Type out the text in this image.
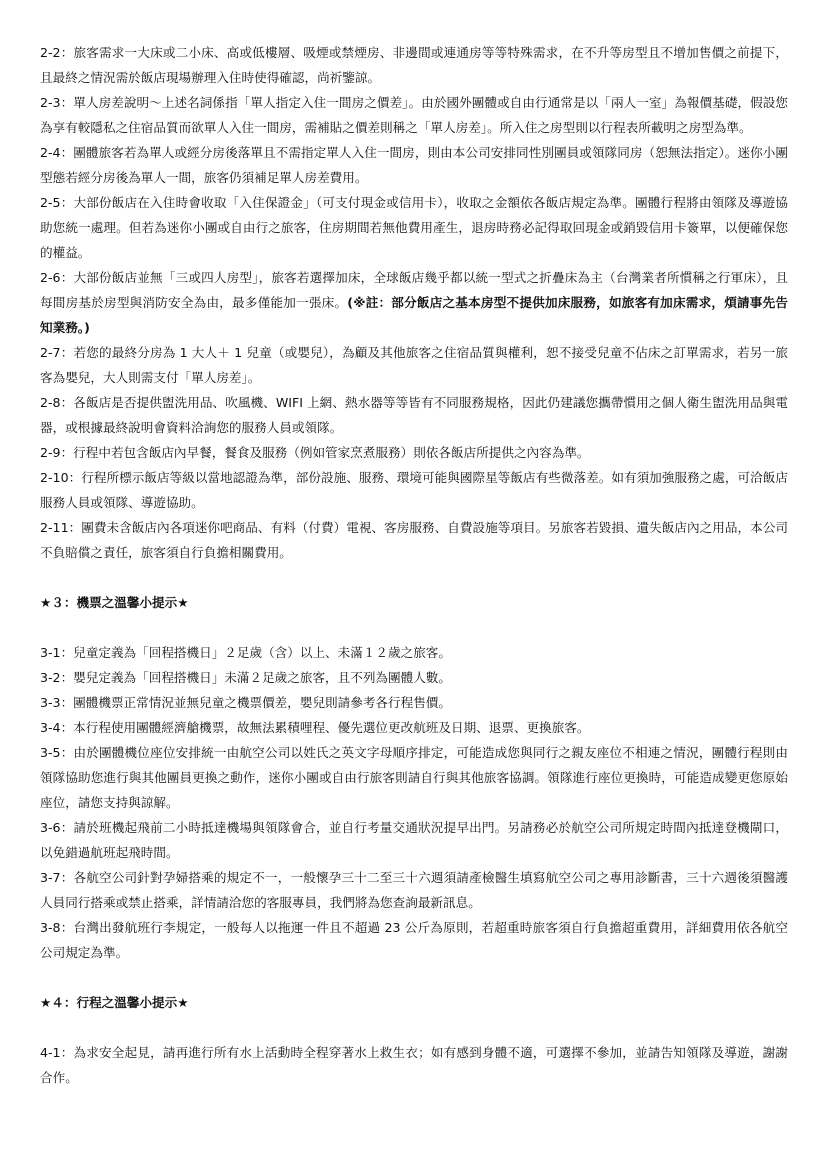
2-2：旅客需求一大床或二小床、高或低樓層、吸煙或禁煙房、非邊間或連通房等等特殊需求，在不升等房型且不增加售價之前提下，且最終之情況需於飯店現場辦理入住時使得確認，尚祈鑒諒。

2-3：單人房差說明～上述名詞係指「單人指定入住一間房之價差」。由於國外團體或自由行通常是以「兩人一室」為報價基礎，假設您為享有較隱私之住宿品質而欲單人入住一間房，需補貼之價差則稱之「單人房差」。所入住之房型則以行程表所載明之房型為準。

2-4：團體旅客若為單人或經分房後落單且不需指定單人入住一間房，則由本公司安排同性別團員或領隊同房（恕無法指定）。迷你小團型態若經分房後為單人一間，旅客仍須補足單人房差費用。

2-5：大部份飯店在入住時會收取「入住保證金」（可支付現金或信用卡），收取之金額依各飯店規定為準。團體行程將由領隊及導遊協助您統一處理。但若為迷你小團或自由行之旅客，住房期間若無他費用產生，退房時務必記得取回現金或銷毀信用卡簽單，以便確保您的權益。

2-6：大部份飯店並無「三或四人房型」，旅客若選擇加床，全球飯店幾乎都以統一型式之折疊床為主（台灣業者所慣稱之行軍床），且每間房基於房型與消防安全為由，最多僅能加一張床。(※註：部分飯店之基本房型不提供加床服務，如旅客有加床需求，煩請事先告知業務。)

2-7：若您的最終分房為 1 大人＋ 1 兒童（或嬰兒），為顧及其他旅客之住宿品質與權利，恕不接受兒童不佔床之訂單需求，若另一旅客為嬰兒，大人則需支付「單人房差」。

2-8：各飯店是否提供盥洗用品、吹風機、WIFI 上網、熱水器等等皆有不同服務規格，因此仍建議您攜帶慣用之個人衛生盥洗用品與電器，或根據最終說明會資料洽詢您的服務人員或領隊。

2-9：行程中若包含飯店內早餐，餐食及服務（例如管家烹煮服務）則依各飯店所提供之內容為準。

2-10：行程所標示飯店等級以當地認證為準，部份設施、服務、環境可能與國際星等飯店有些微落差。如有須加強服務之處，可洽飯店服務人員或領隊、導遊協助。

2-11：團費未含飯店內各項迷你吧商品、有料（付費）電視、客房服務、自費設施等項目。另旅客若毀損、遺失飯店內之用品，本公司不負賠償之責任，旅客須自行負擔相關費用。

★３：機票之溫馨小提示★

3-1：兒童定義為「回程搭機日」２足歲（含）以上、未滿１２歲之旅客。

3-2：嬰兒定義為「回程搭機日」未滿２足歲之旅客，且不列為團體人數。

3-3：團體機票正常情況並無兒童之機票價差，嬰兒則請參考各行程售價。

3-4：本行程使用團體經濟艙機票，故無法累積哩程、優先選位更改航班及日期、退票、更換旅客。

3-5：由於團體機位座位安排統一由航空公司以姓氏之英文字母順序排定，可能造成您與同行之親友座位不相連之情況，團體行程則由領隊協助您進行與其他團員更換之動作，迷你小團或自由行旅客則請自行與其他旅客協調。領隊進行座位更換時，可能造成變更您原始座位，請您支持與諒解。

3-6：請於班機起飛前二小時抵達機場與領隊會合，並自行考量交通狀況提早出門。另請務必於航空公司所規定時間內抵達登機閘口，以免錯過航班起飛時間。

3-7：各航空公司針對孕婦搭乘的規定不一，一般懷孕三十二至三十六週須請產檢醫生填寫航空公司之專用診斷書，三十六週後須醫護人員同行搭乘或禁止搭乘，詳情請洽您的客服專員，我們將為您查詢最新訊息。

3-8：台灣出發航班行李規定，一般每人以拖運一件且不超過 23 公斤為原則，若超重時旅客須自行負擔超重費用，詳細費用依各航空公司規定為準。

★４：行程之溫馨小提示★

4-1：為求安全起見，請再進行所有水上活動時全程穿著水上救生衣；如有感到身體不適，可選擇不參加，並請告知領隊及導遊，謝謝合作。
